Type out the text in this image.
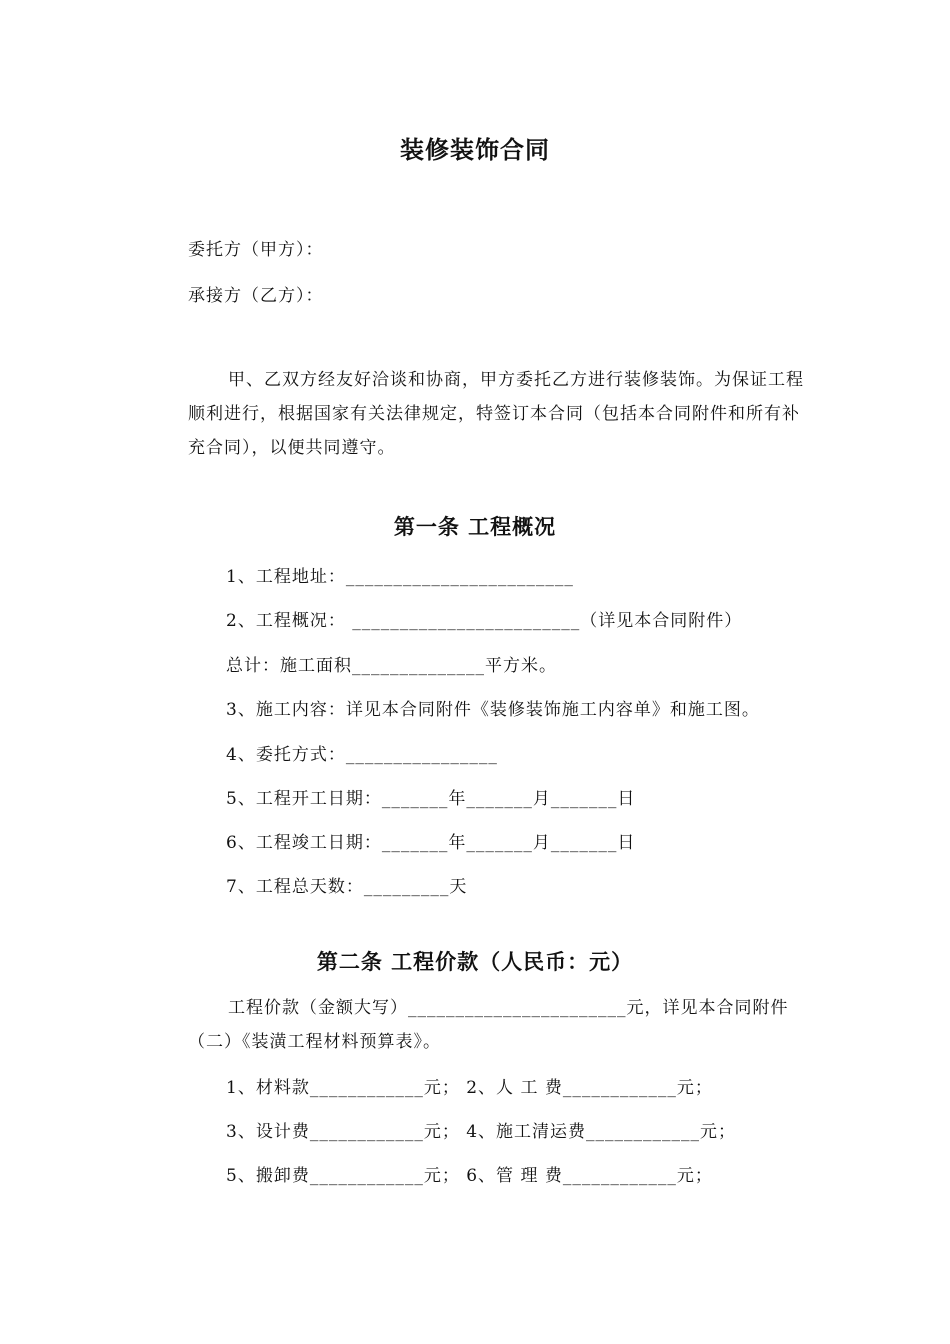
装修装饰合同
委托方（甲方）：
承接方（乙方）：
甲、乙双方经友好洽谈和协商，甲方委托乙方进行装修装饰。为保证工程顺利进行，根据国家有关法律规定，特签订本合同（包括本合同附件和所有补充合同），以便共同遵守。
第一条 工程概况
1、工程地址：________________________
2、工程概况： ________________________（详见本合同附件）
总计：施工面积______________平方米。
3、施工内容：详见本合同附件《装修装饰施工内容单》和施工图。
4、委托方式：________________
5、工程开工日期：_______年_______月_______日
6、工程竣工日期：_______年_______月_______日
7、工程总天数：_________天
第二条 工程价款（人民币：元）
工程价款（金额大写）_______________________元，详见本合同附件（二）《装潢工程材料预算表》。
1、材料款____________元； 2、人 工 费____________元；
3、设计费____________元； 4、施工清运费____________元；
5、搬卸费____________元； 6、管 理 费____________元；
